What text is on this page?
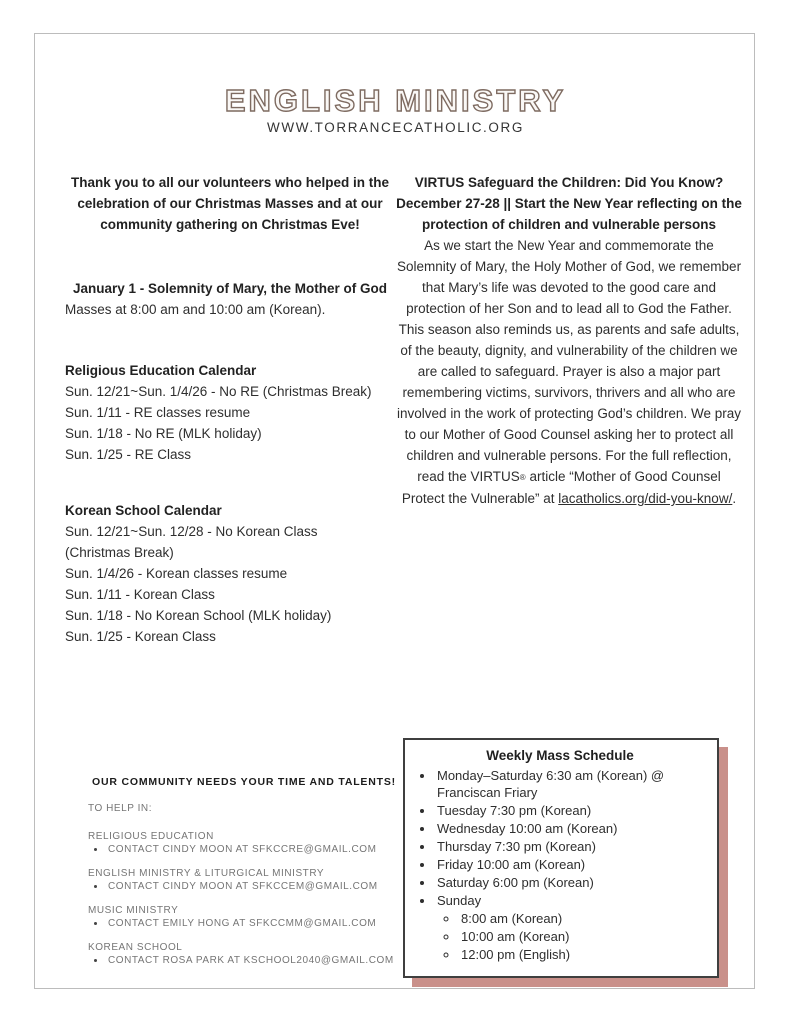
ENGLISH MINISTRY
WWW.TORRANCECATHOLIC.ORG
Thank you to all our volunteers who helped in the celebration of our Christmas Masses and at our community gathering on Christmas Eve!
January 1 - Solemnity of Mary, the Mother of God
Masses at 8:00 am and 10:00 am (Korean).
Religious Education Calendar
Sun. 12/21~Sun. 1/4/26 - No RE (Christmas Break)
Sun. 1/11 - RE classes resume
Sun. 1/18 - No RE (MLK holiday)
Sun. 1/25 - RE Class
Korean School Calendar
Sun. 12/21~Sun. 12/28 - No Korean Class
(Christmas Break)
Sun. 1/4/26 - Korean classes resume
Sun. 1/11 - Korean Class
Sun. 1/18 - No Korean School (MLK holiday)
Sun. 1/25 - Korean Class
VIRTUS Safeguard the Children: Did You Know? December 27-28 || Start the New Year reflecting on the protection of children and vulnerable persons
As we start the New Year and commemorate the Solemnity of Mary, the Holy Mother of God, we remember that Mary’s life was devoted to the good care and protection of her Son and to lead all to God the Father. This season also reminds us, as parents and safe adults, of the beauty, dignity, and vulnerability of the children we are called to safeguard. Prayer is also a major part remembering victims, survivors, thrivers and all who are involved in the work of protecting God’s children. We pray to our Mother of Good Counsel asking her to protect all children and vulnerable persons. For the full reflection, read the VIRTUS® article “Mother of Good Counsel Protect the Vulnerable” at lacatholics.org/did-you-know/.
OUR COMMUNITY NEEDS YOUR TIME AND TALENTS!
TO HELP IN:
RELIGIOUS EDUCATION
• CONTACT CINDY MOON AT SFKCCRE@GMAIL.COM
ENGLISH MINISTRY & LITURGICAL MINISTRY
• CONTACT CINDY MOON AT SFKCCEM@GMAIL.COM
MUSIC MINISTRY
• CONTACT EMILY HONG AT SFKCCMM@GMAIL.COM
KOREAN SCHOOL
• CONTACT ROSA PARK AT KSCHOOL2040@GMAIL.COM
Weekly Mass Schedule
• Monday–Saturday 6:30 am (Korean) @ Franciscan Friary
• Tuesday 7:30 pm (Korean)
• Wednesday 10:00 am (Korean)
• Thursday 7:30 pm (Korean)
• Friday 10:00 am (Korean)
• Saturday 6:00 pm (Korean)
• Sunday
◦ 8:00 am (Korean)
◦ 10:00 am (Korean)
◦ 12:00 pm (English)
